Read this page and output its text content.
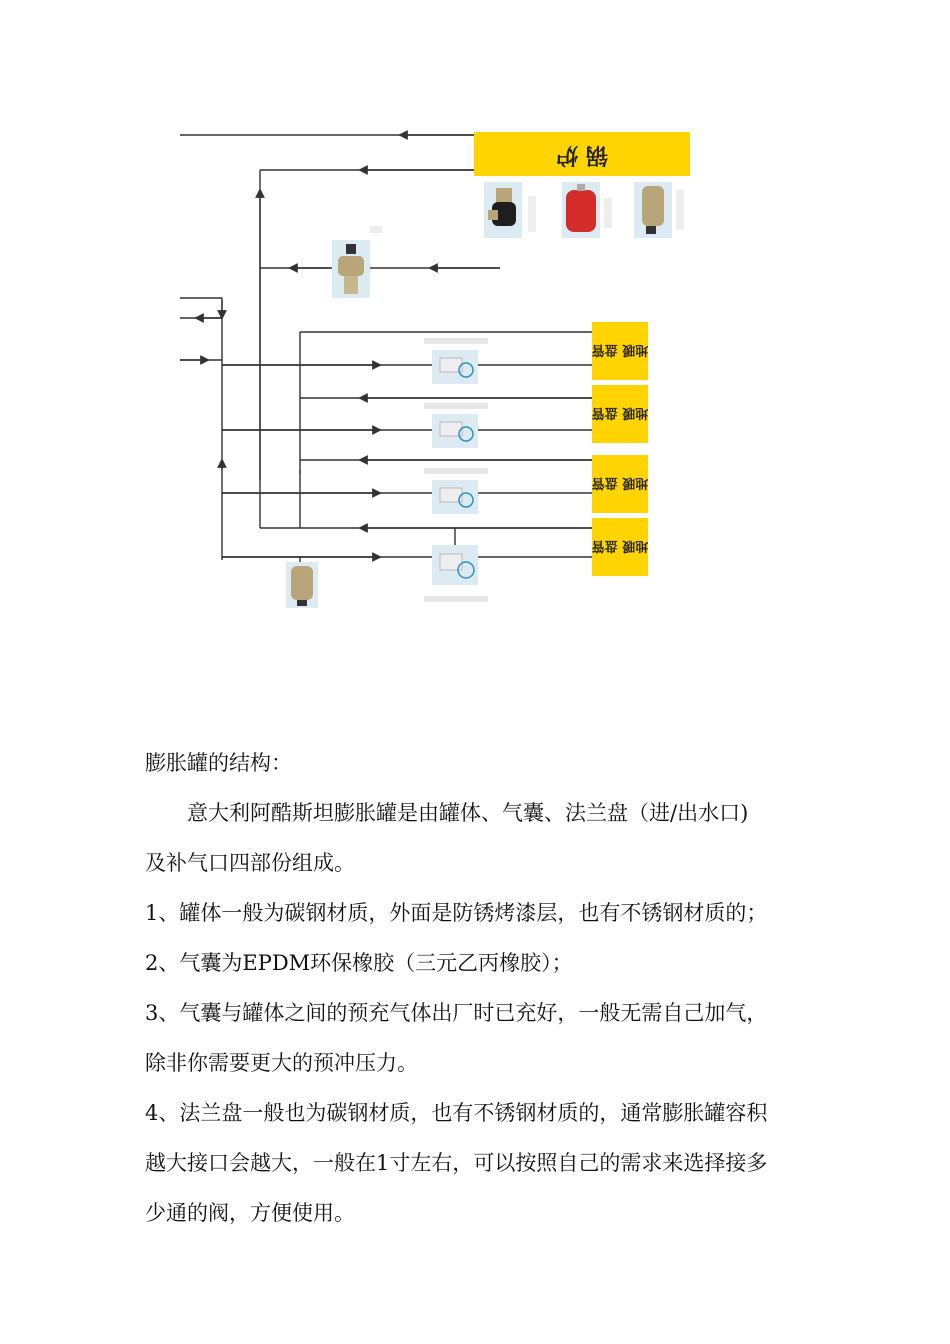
锅 炉
地暖 盘管
地暖 盘管
地暖 盘管
地暖 盘管

膨胀罐的结构：

意大利阿酷斯坦膨胀罐是由罐体、气囊、法兰盘（进/出水口)

及补气口四部份组成。

1、罐体一般为碳钢材质，外面是防锈烤漆层，也有不锈钢材质的；

2、气囊为EPDM环保橡胶（三元乙丙橡胶）；

3、气囊与罐体之间的预充气体出厂时已充好，一般无需自己加气，

除非你需要更大的预冲压力。

4、法兰盘一般也为碳钢材质，也有不锈钢材质的，通常膨胀罐容积

越大接口会越大，一般在1寸左右，可以按照自己的需求来选择接多

少通的阀，方便使用。
